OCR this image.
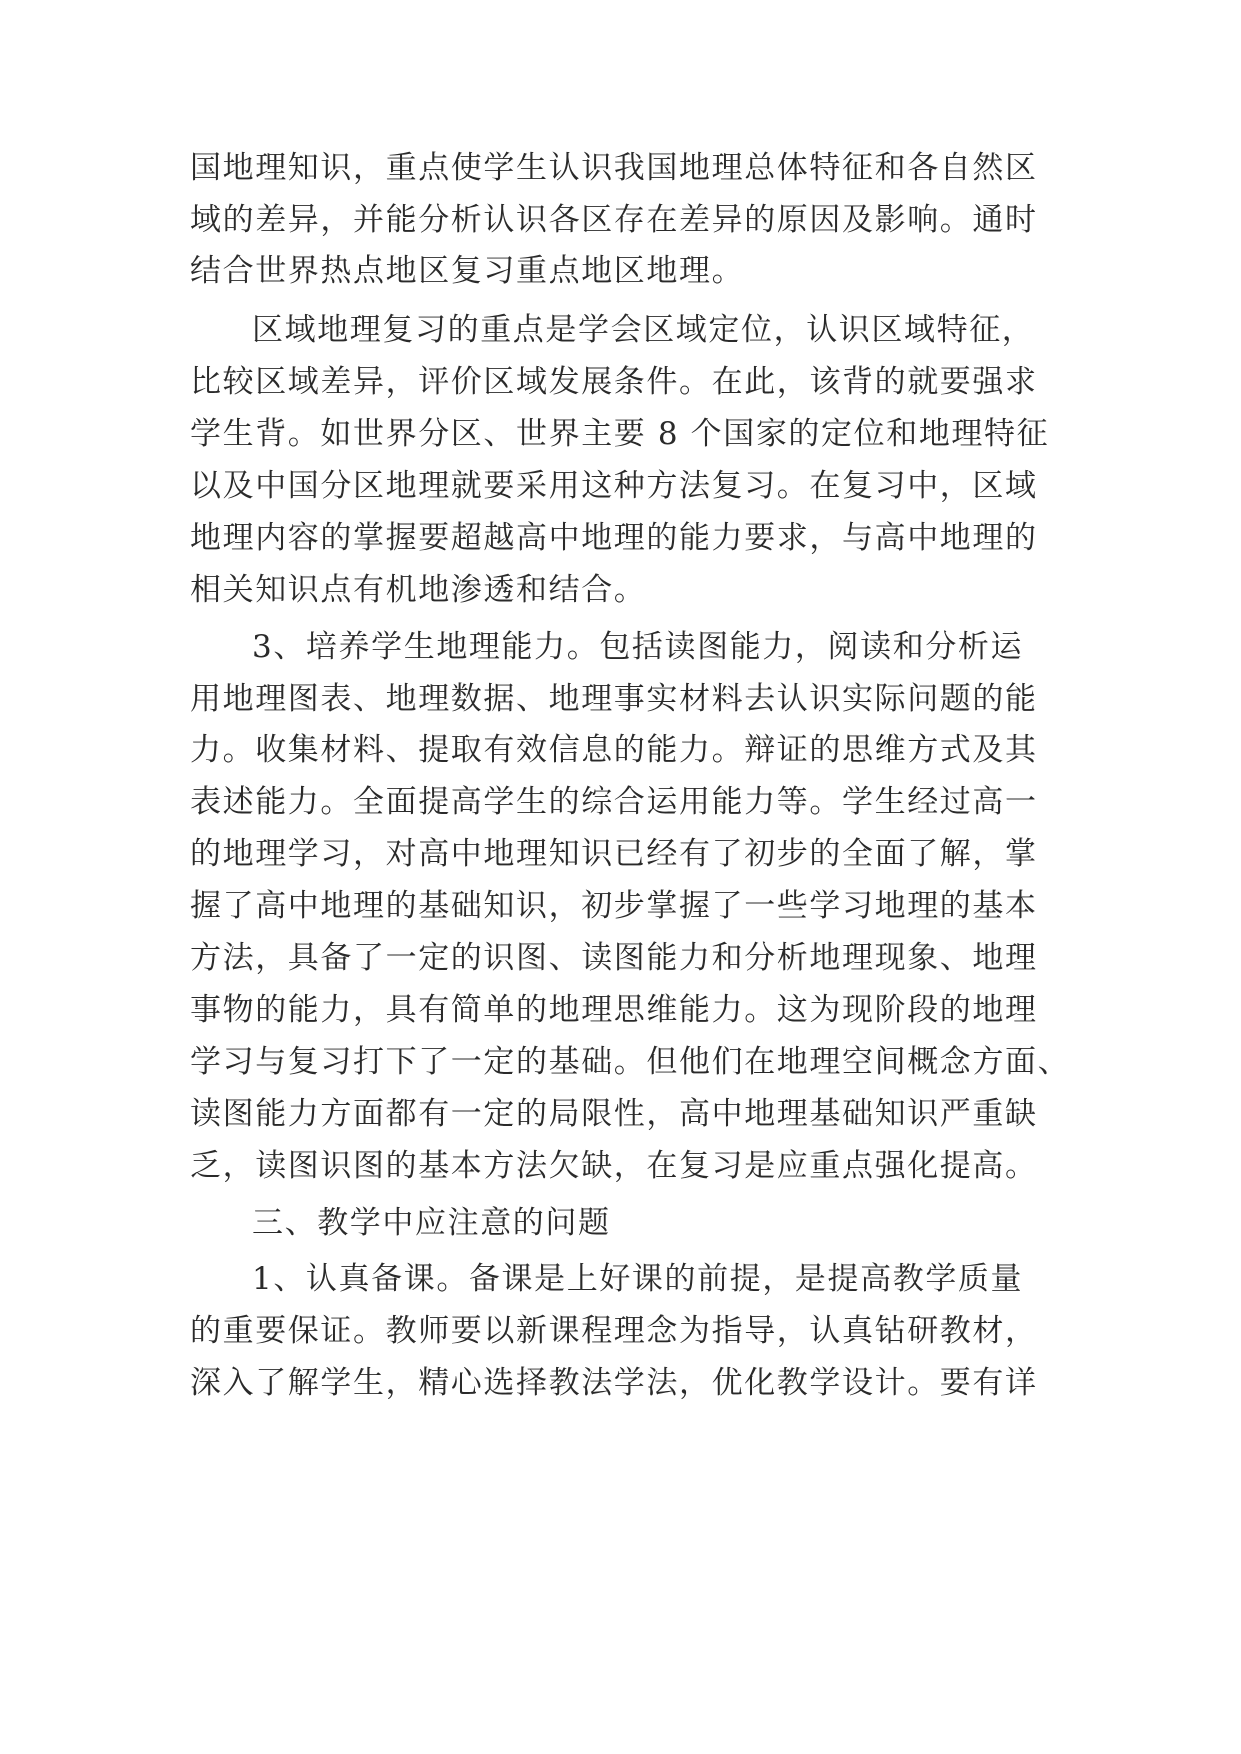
国地理知识，重点使学生认识我国地理总体特征和各自然区
域的差异，并能分析认识各区存在差异的原因及影响。通时
结合世界热点地区复习重点地区地理。
区域地理复习的重点是学会区域定位，认识区域特征，
比较区域差异，评价区域发展条件。在此，该背的就要强求
学生背。如世界分区、世界主要 8 个国家的定位和地理特征
以及中国分区地理就要采用这种方法复习。在复习中，区域
地理内容的掌握要超越高中地理的能力要求，与高中地理的
相关知识点有机地渗透和结合。
3、培养学生地理能力。包括读图能力，阅读和分析运
用地理图表、地理数据、地理事实材料去认识实际问题的能
力。收集材料、提取有效信息的能力。辩证的思维方式及其
表述能力。全面提高学生的综合运用能力等。学生经过高一
的地理学习，对高中地理知识已经有了初步的全面了解，掌
握了高中地理的基础知识，初步掌握了一些学习地理的基本
方法，具备了一定的识图、读图能力和分析地理现象、地理
事物的能力，具有简单的地理思维能力。这为现阶段的地理
学习与复习打下了一定的基础。但他们在地理空间概念方面、
读图能力方面都有一定的局限性，高中地理基础知识严重缺
乏，读图识图的基本方法欠缺，在复习是应重点强化提高。
三、教学中应注意的问题
1、认真备课。备课是上好课的前提，是提高教学质量
的重要保证。教师要以新课程理念为指导，认真钻研教材，
深入了解学生，精心选择教法学法，优化教学设计。要有详
